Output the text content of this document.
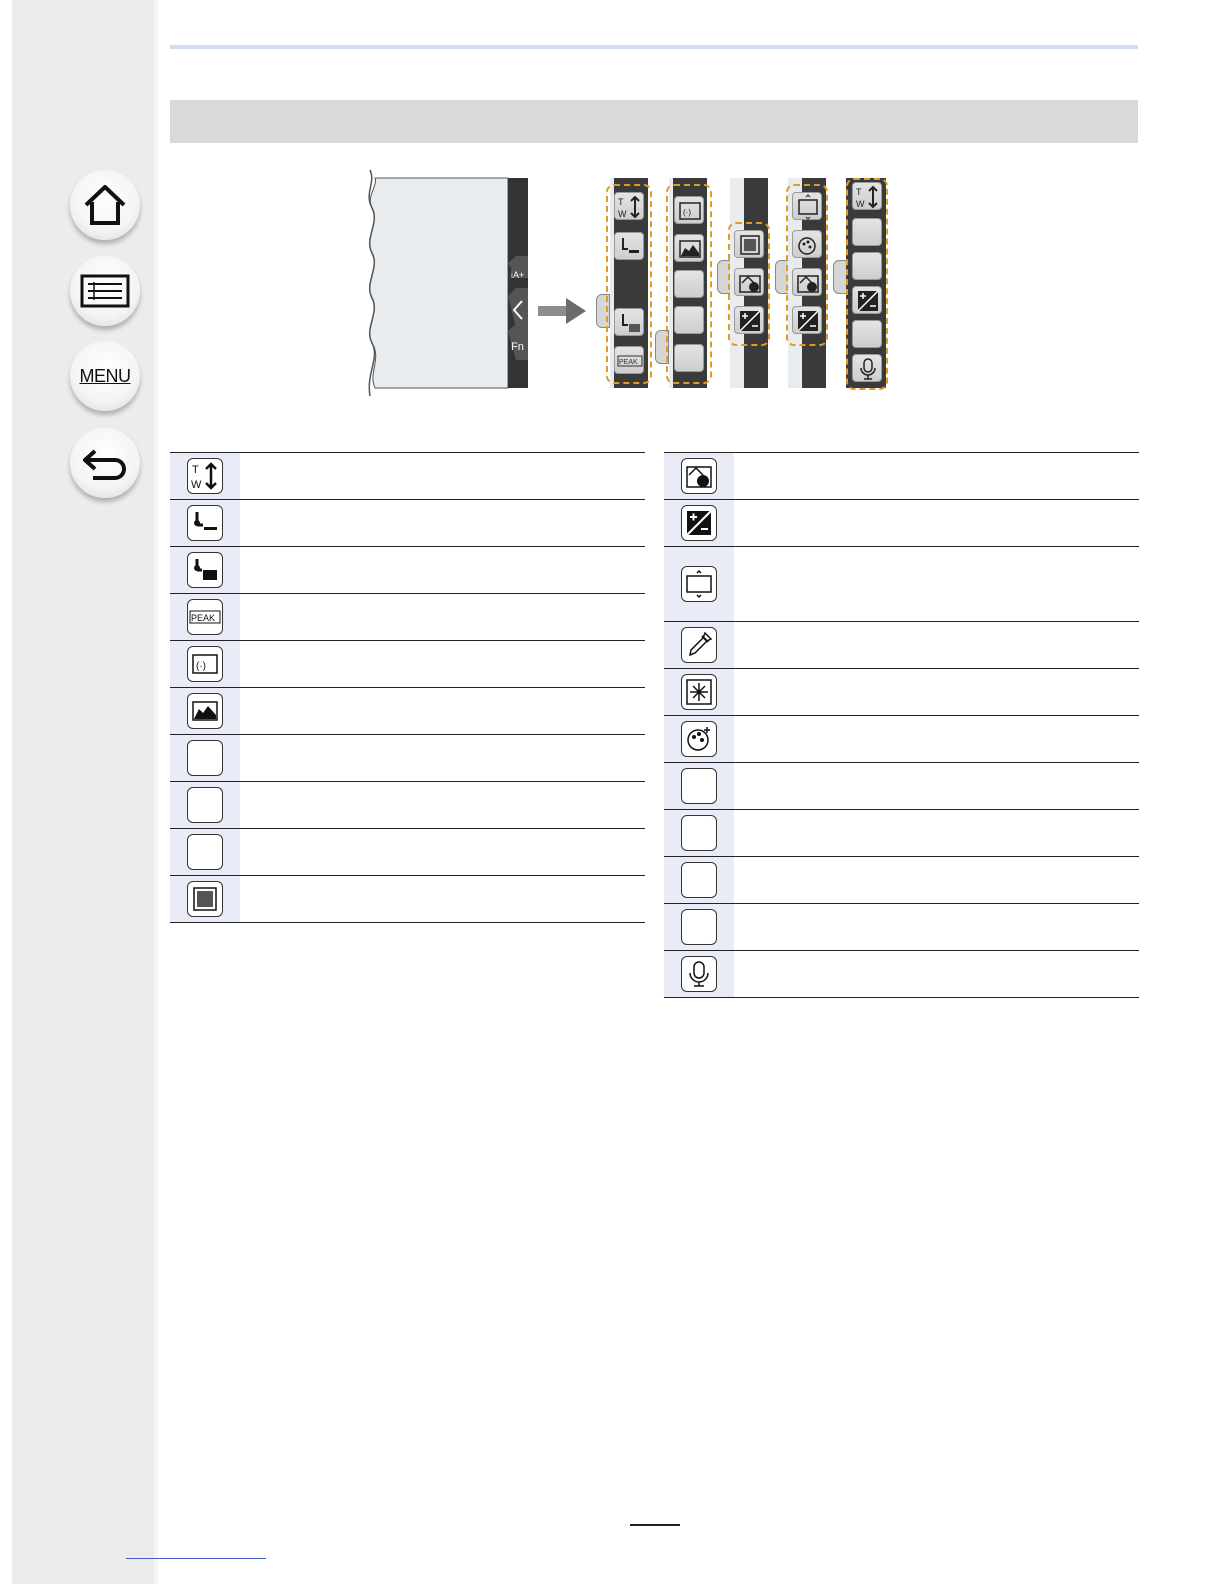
MENU
iA+
Fn
T
W
PEAK
(·)
T
W
T
W
PEAK
(·)
